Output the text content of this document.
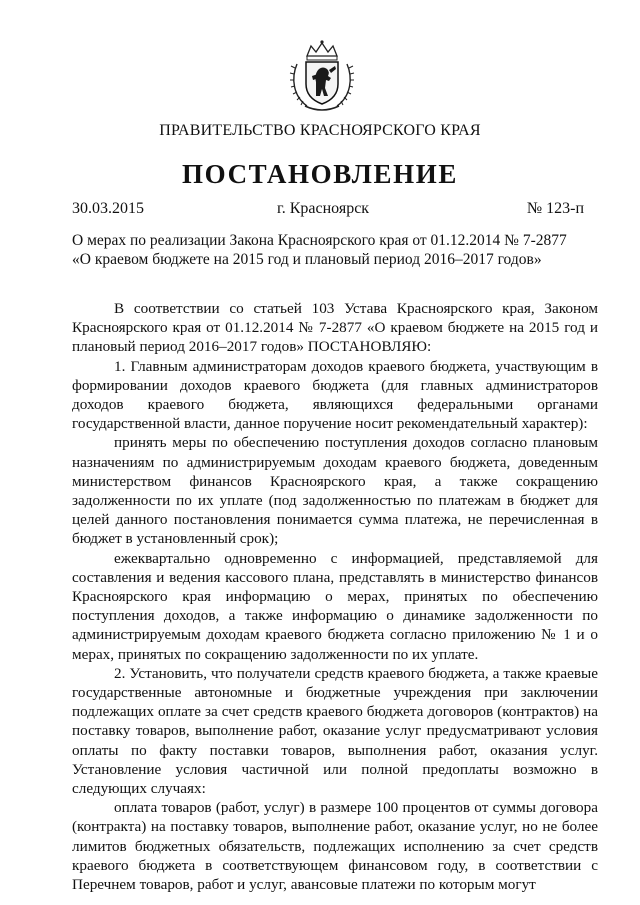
ПРАВИТЕЛЬСТВО КРАСНОЯРСКОГО КРАЯ
ПОСТАНОВЛЕНИЕ
30.03.2015	г. Красноярск	№ 123-п
О мерах по реализации Закона Красноярского края от 01.12.2014 № 7-2877 «О краевом бюджете на 2015 год и плановый период 2016–2017 годов»

В соответствии со статьей 103 Устава Красноярского края, Законом Красноярского края от 01.12.2014 № 7-2877 «О краевом бюджете на 2015 год и плановый период 2016–2017 годов» ПОСТАНОВЛЯЮ:

1. Главным администраторам доходов краевого бюджета, участвующим в формировании доходов краевого бюджета (для главных администраторов доходов краевого бюджета, являющихся федеральными органами государственной власти, данное поручение носит рекомендательный характер):

принять меры по обеспечению поступления доходов согласно плановым назначениям по администрируемым доходам краевого бюджета, доведенным министерством финансов Красноярского края, а также сокращению задолженности по их уплате (под задолженностью по платежам в бюджет для целей данного постановления понимается сумма платежа, не перечисленная в бюджет в установленный срок);

ежеквартально одновременно с информацией, представляемой для составления и ведения кассового плана, представлять в министерство финансов Красноярского края информацию о мерах, принятых по обеспечению поступления доходов, а также информацию о динамике задолженности по администрируемым доходам краевого бюджета согласно приложению № 1 и о мерах, принятых по сокращению задолженности по их уплате.

2. Установить, что получатели средств краевого бюджета, а также краевые государственные автономные и бюджетные учреждения при заключении подлежащих оплате за счет средств краевого бюджета договоров (контрактов) на поставку товаров, выполнение работ, оказание услуг предусматривают условия оплаты по факту поставки товаров, выполнения работ, оказания услуг. Установление условия частичной или полной предоплаты возможно в следующих случаях:

оплата товаров (работ, услуг) в размере 100 процентов от суммы договора (контракта) на поставку товаров, выполнение работ, оказание услуг, но не более лимитов бюджетных обязательств, подлежащих исполнению за счет средств краевого бюджета в соответствующем финансовом году, в соответствии с Перечнем товаров, работ и услуг, авансовые платежи по которым могут
